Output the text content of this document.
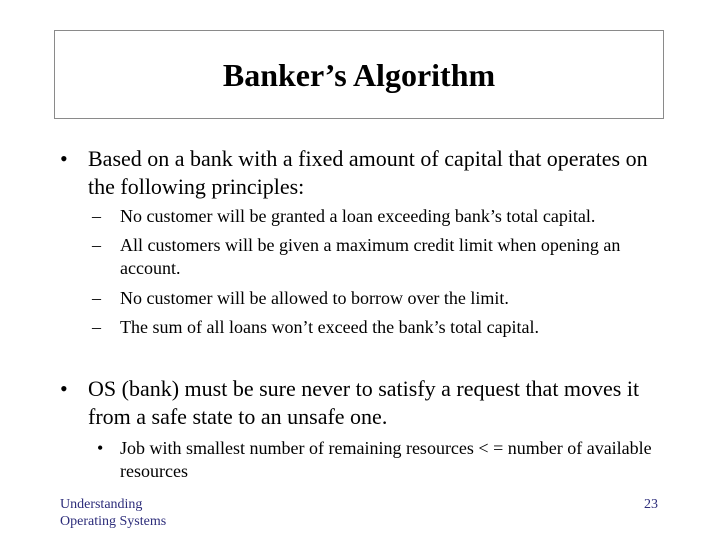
Banker’s Algorithm
• Based on a bank with a fixed amount of capital that operates on the following principles:
– No customer will be granted a loan exceeding bank’s total capital.
– All customers will be given a maximum credit limit when opening an account.
– No customer will be allowed to borrow over the limit.
– The sum of all loans won’t exceed the bank’s total capital.
• OS (bank) must be sure never to satisfy a request that moves it from a safe state to an unsafe one.
• Job with smallest number of remaining resources < = number of available resources
Understanding
Operating Systems
23
